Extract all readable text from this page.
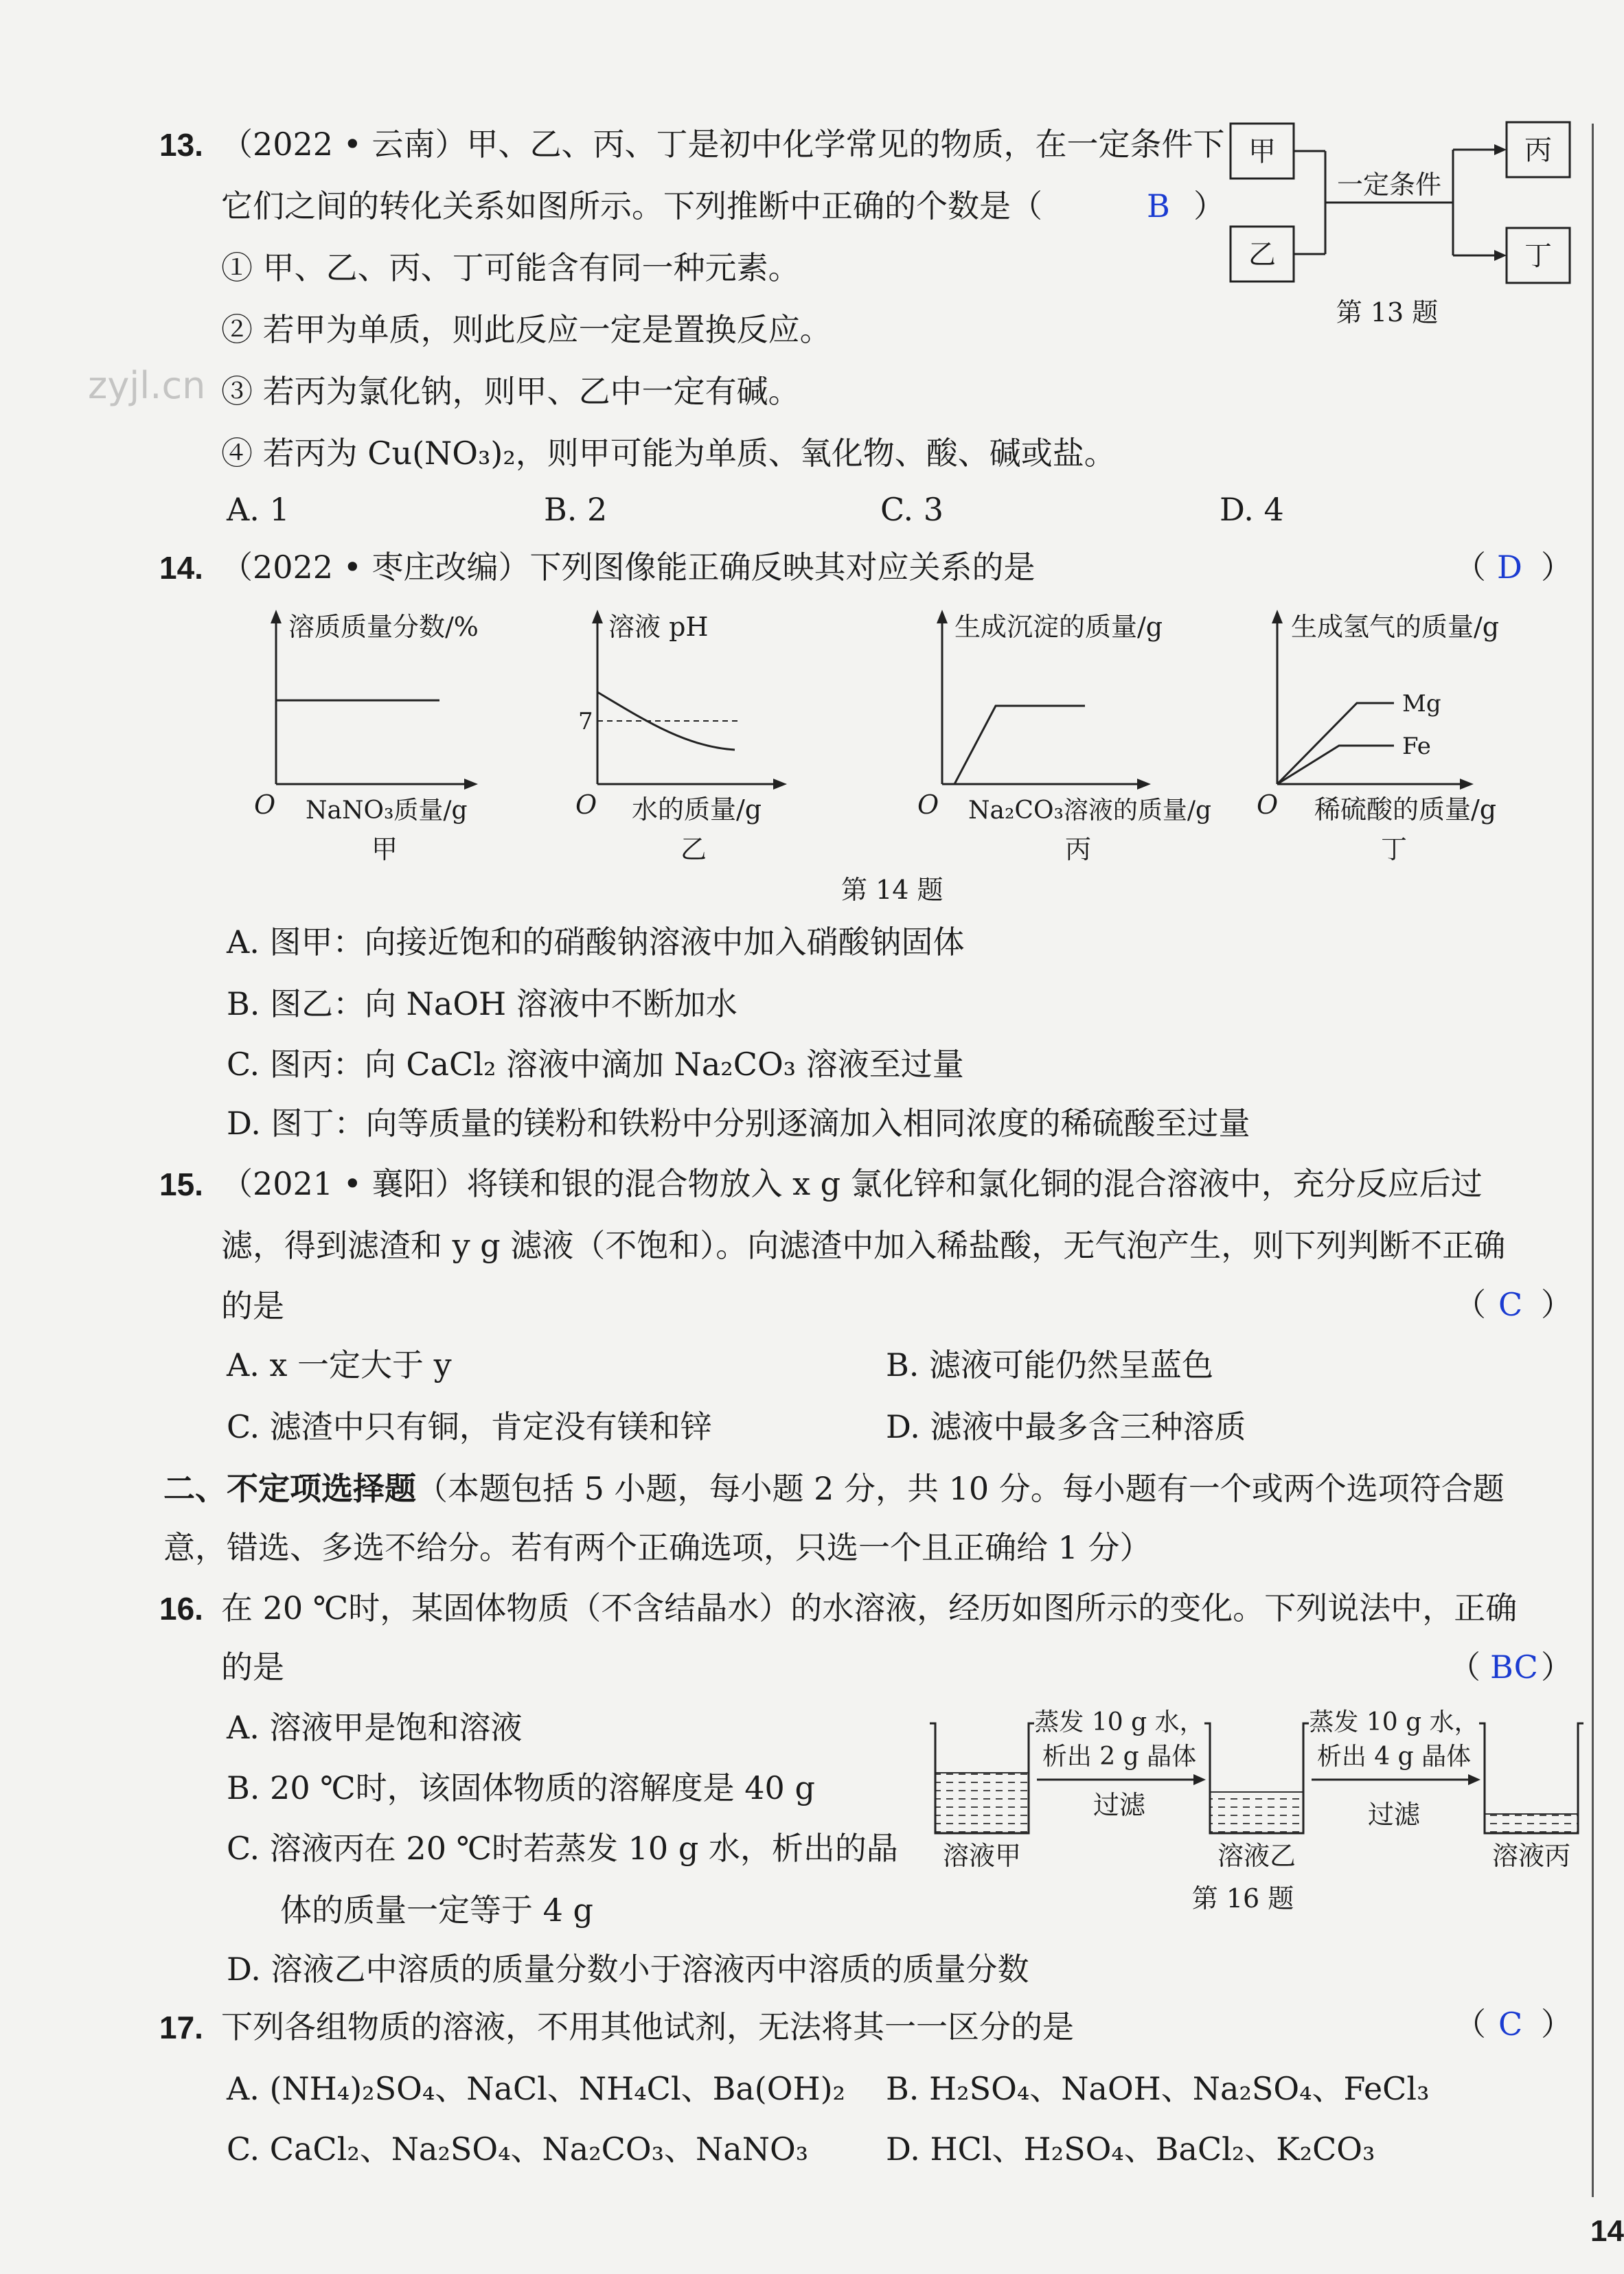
zyjl.cn
14
13. （2022 • 云南）甲、乙、丙、丁是初中化学常见的物质，在一定条件下
它们之间的转化关系如图所示。下列推断中正确的个数是（	B ）
① 甲、乙、丙、丁可能含有同一种元素。
② 若甲为单质，则此反应一定是置换反应。
③ 若丙为氯化钠，则甲、乙中一定有碱。
④ 若丙为 Cu(NO₃)₂，则甲可能为单质、氧化物、酸、碱或盐。
A. 1	B. 2	C. 3	D. 4
甲
乙
丙
丁
一定条件
第 13 题
14. （2022 • 枣庄改编）下列图像能正确反映其对应关系的是	（ D ）
溶质质量分数/%
O NaNO₃质量/g
甲
溶液 pH
7
O 水的质量/g
乙
生成沉淀的质量/g
O Na₂CO₃溶液的质量/g
丙
生成氢气的质量/g
Mg
Fe
O 稀硫酸的质量/g
丁
第 14 题
A. 图甲：向接近饱和的硝酸钠溶液中加入硝酸钠固体
B. 图乙：向 NaOH 溶液中不断加水
C. 图丙：向 CaCl₂ 溶液中滴加 Na₂CO₃ 溶液至过量
D. 图丁：向等质量的镁粉和铁粉中分别逐滴加入相同浓度的稀硫酸至过量
15. （2021 • 襄阳）将镁和银的混合物放入 x g 氯化锌和氯化铜的混合溶液中，充分反应后过
滤，得到滤渣和 y g 滤液（不饱和）。向滤渣中加入稀盐酸，无气泡产生，则下列判断不正确
的是	（ C ）
A. x 一定大于 y	B. 滤液可能仍然呈蓝色
C. 滤渣中只有铜，肯定没有镁和锌	D. 滤液中最多含三种溶质
二、不定项选择题（本题包括 5 小题，每小题 2 分，共 10 分。每小题有一个或两个选项符合题
意，错选、多选不给分。若有两个正确选项，只选一个且正确给 1 分）
16. 在 20 ℃时，某固体物质（不含结晶水）的水溶液，经历如图所示的变化。下列说法中，正确
的是	（ BC ）
A. 溶液甲是饱和溶液
B. 20 ℃时，该固体物质的溶解度是 40 g
C. 溶液丙在 20 ℃时若蒸发 10 g 水，析出的晶
体的质量一定等于 4 g
D. 溶液乙中溶质的质量分数小于溶液丙中溶质的质量分数
蒸发 10 g 水，
析出 2 g 晶体
过滤
蒸发 10 g 水，
析出 4 g 晶体
过滤
溶液甲	溶液乙	溶液丙
第 16 题
17. 下列各组物质的溶液，不用其他试剂，无法将其一一区分的是	（ C ）
A. (NH₄)₂SO₄、NaCl、NH₄Cl、Ba(OH)₂ B. H₂SO₄、NaOH、Na₂SO₄、FeCl₃
C. CaCl₂、Na₂SO₄、Na₂CO₃、NaNO₃ D. HCl、H₂SO₄、BaCl₂、K₂CO₃
